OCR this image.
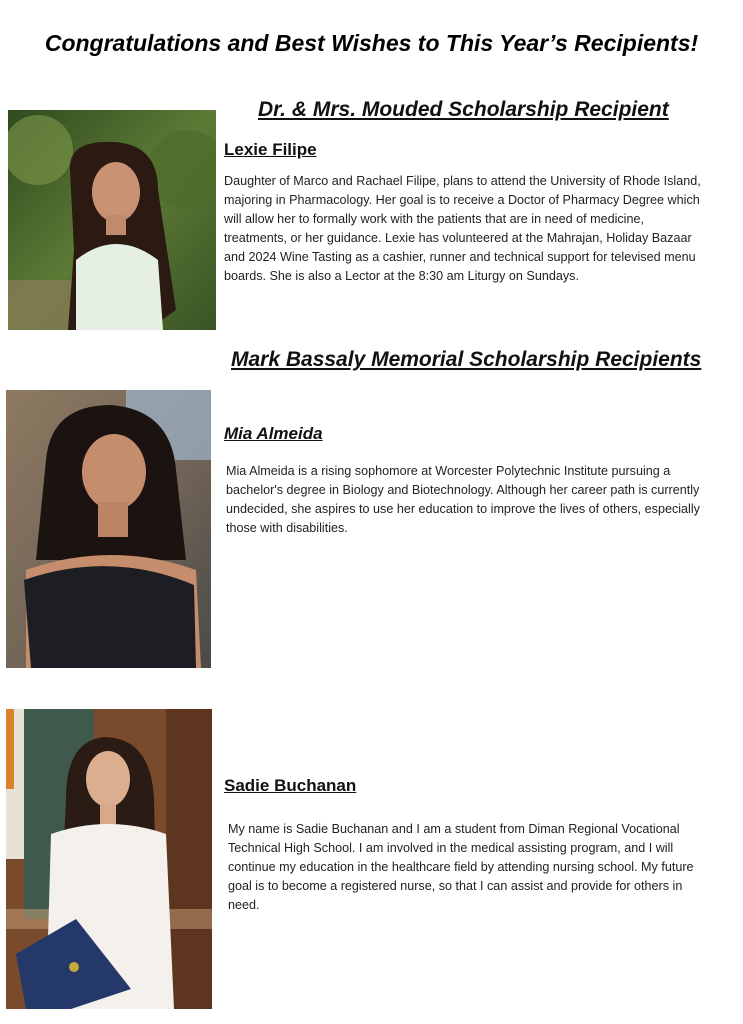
Congratulations and Best Wishes to This Year’s Recipients!
Dr. & Mrs. Mouded Scholarship Recipient
Lexie Filipe
Daughter of Marco and Rachael Filipe, plans to attend the University of Rhode Island, majoring in Pharmacology. Her goal is to receive a Doctor of Pharmacy Degree which will allow her to formally work with the patients that are in need of medicine, treatments, or her guidance. Lexie has volunteered at the Mahrajan, Holiday Bazaar and 2024 Wine Tasting as a cashier, runner and technical support for televised menu boards. She is also a Lector at the 8:30 am Liturgy on Sundays.
Mark Bassaly Memorial Scholarship Recipients
Mia Almeida
Mia Almeida is a rising sophomore at Worcester Polytechnic Institute pursuing a bachelor's degree in Biology and Biotechnology. Although her career path is currently undecided, she aspires to use her education to improve the lives of others, especially those with disabilities.
Sadie Buchanan
My name is Sadie Buchanan and I am a student from Diman Regional Vocational Technical High School. I am involved in the medical assisting program, and I will continue my education in the healthcare field by attending nursing school. My future goal is to become a registered nurse, so that I can assist and provide for others in need.
